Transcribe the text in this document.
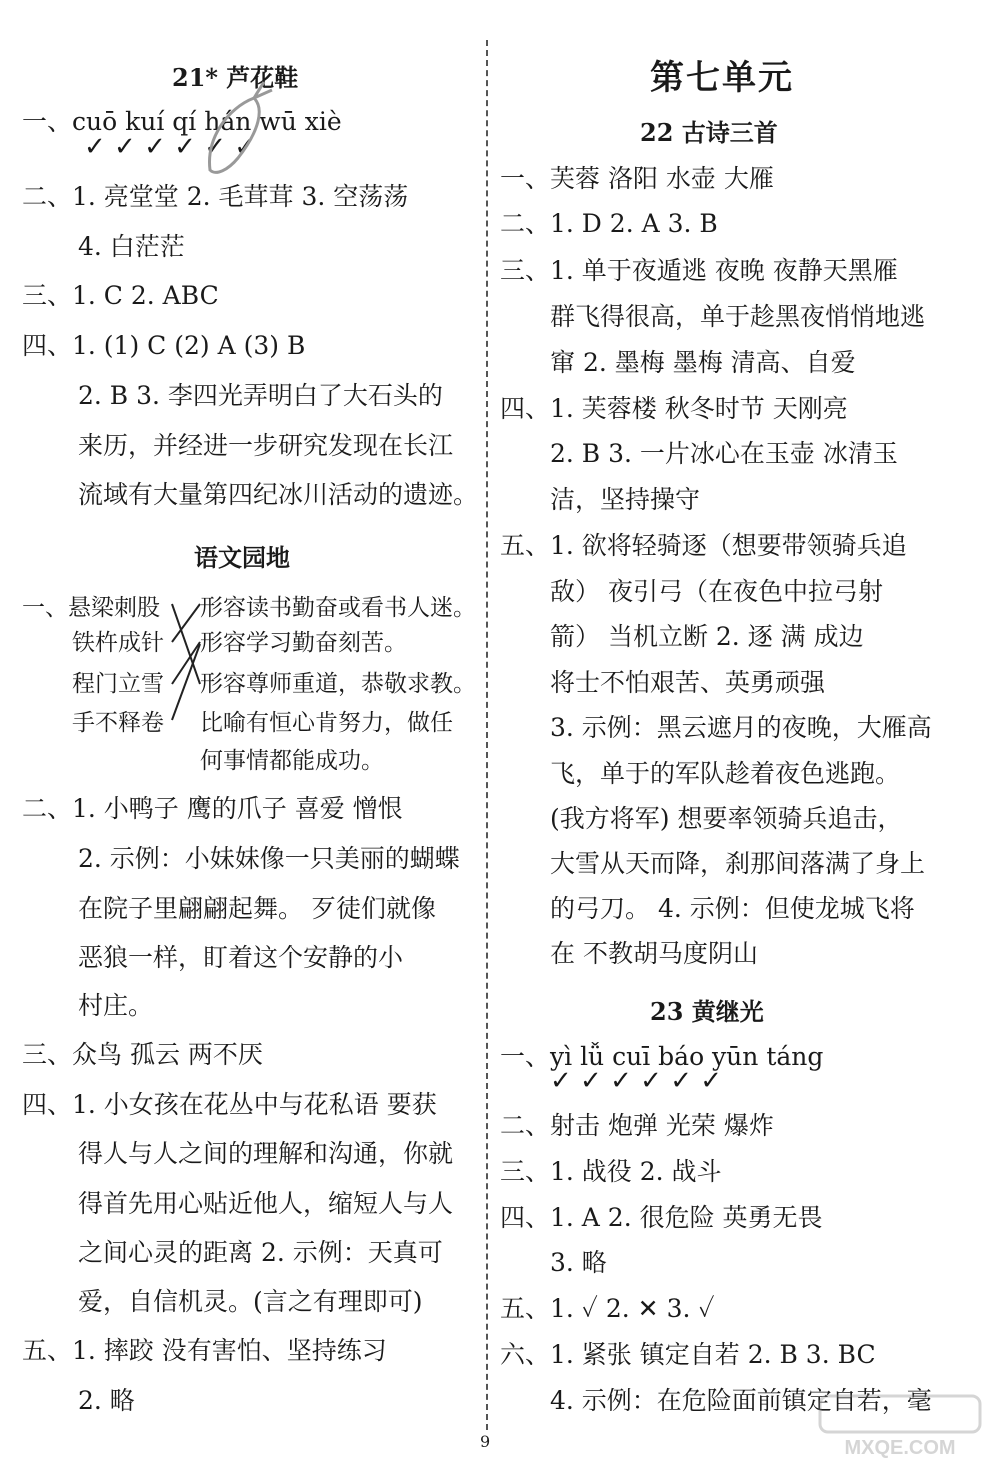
21* 芦花鞋
一、cuō kuí qí hán wū xiè
✓ ✓ ✓ ✓ ✓ ✓
二、1. 亮堂堂 2. 毛茸茸 3. 空荡荡
4. 白茫茫
三、1. C 2. ABC
四、1. (1) C (2) A (3) B
2. B 3. 李四光弄明白了大石头的
来历，并经进一步研究发现在长江
流域有大量第四纪冰川活动的遗迹。
语文园地
一、悬梁刺股
铁杵成针
程门立雪
手不释卷
形容读书勤奋或看书人迷。
形容学习勤奋刻苦。
形容尊师重道，恭敬求教。
比喻有恒心肯努力，做任
何事情都能成功。
二、1. 小鸭子 鹰的爪子 喜爱 憎恨
2. 示例：小妹妹像一只美丽的蝴蝶
在院子里翩翩起舞。 歹徒们就像
恶狼一样，盯着这个安静的小
村庄。
三、众鸟 孤云 两不厌
四、1. 小女孩在花丛中与花私语 要获
得人与人之间的理解和沟通，你就
得首先用心贴近他人，缩短人与人
之间心灵的距离 2. 示例：天真可
爱，自信机灵。(言之有理即可)
五、1. 摔跤 没有害怕、坚持练习
2. 略
第七单元
22 古诗三首
一、芙蓉 洛阳 水壶 大雁
二、1. D 2. A 3. B
三、1. 单于夜遁逃 夜晚 夜静天黑雁
群飞得很高，单于趁黑夜悄悄地逃
窜 2. 墨梅 墨梅 清高、自爱
四、1. 芙蓉楼 秋冬时节 天刚亮
2. B 3. 一片冰心在玉壶 冰清玉
洁，坚持操守
五、1. 欲将轻骑逐（想要带领骑兵追
敌） 夜引弓（在夜色中拉弓射
箭） 当机立断 2. 逐 满 成边
将士不怕艰苦、英勇顽强
3. 示例：黑云遮月的夜晚，大雁高
飞，单于的军队趁着夜色逃跑。
(我方将军) 想要率领骑兵追击，
大雪从天而降，刹那间落满了身上
的弓刀。 4. 示例：但使龙城飞将
在 不教胡马度阴山
23 黄继光
一、yì lǚ cuī báo yūn táng
✓ ✓ ✓ ✓ ✓ ✓
二、射击 炮弹 光荣 爆炸
三、1. 战役 2. 战斗
四、1. A 2. 很危险 英勇无畏
3. 略
五、1. ✓ 2. ✕ 3. ✓
六、1. 紧张 镇定自若 2. B 3. BC
4. 示例：在危险面前镇定自若，毫
9	MXQE.COM
